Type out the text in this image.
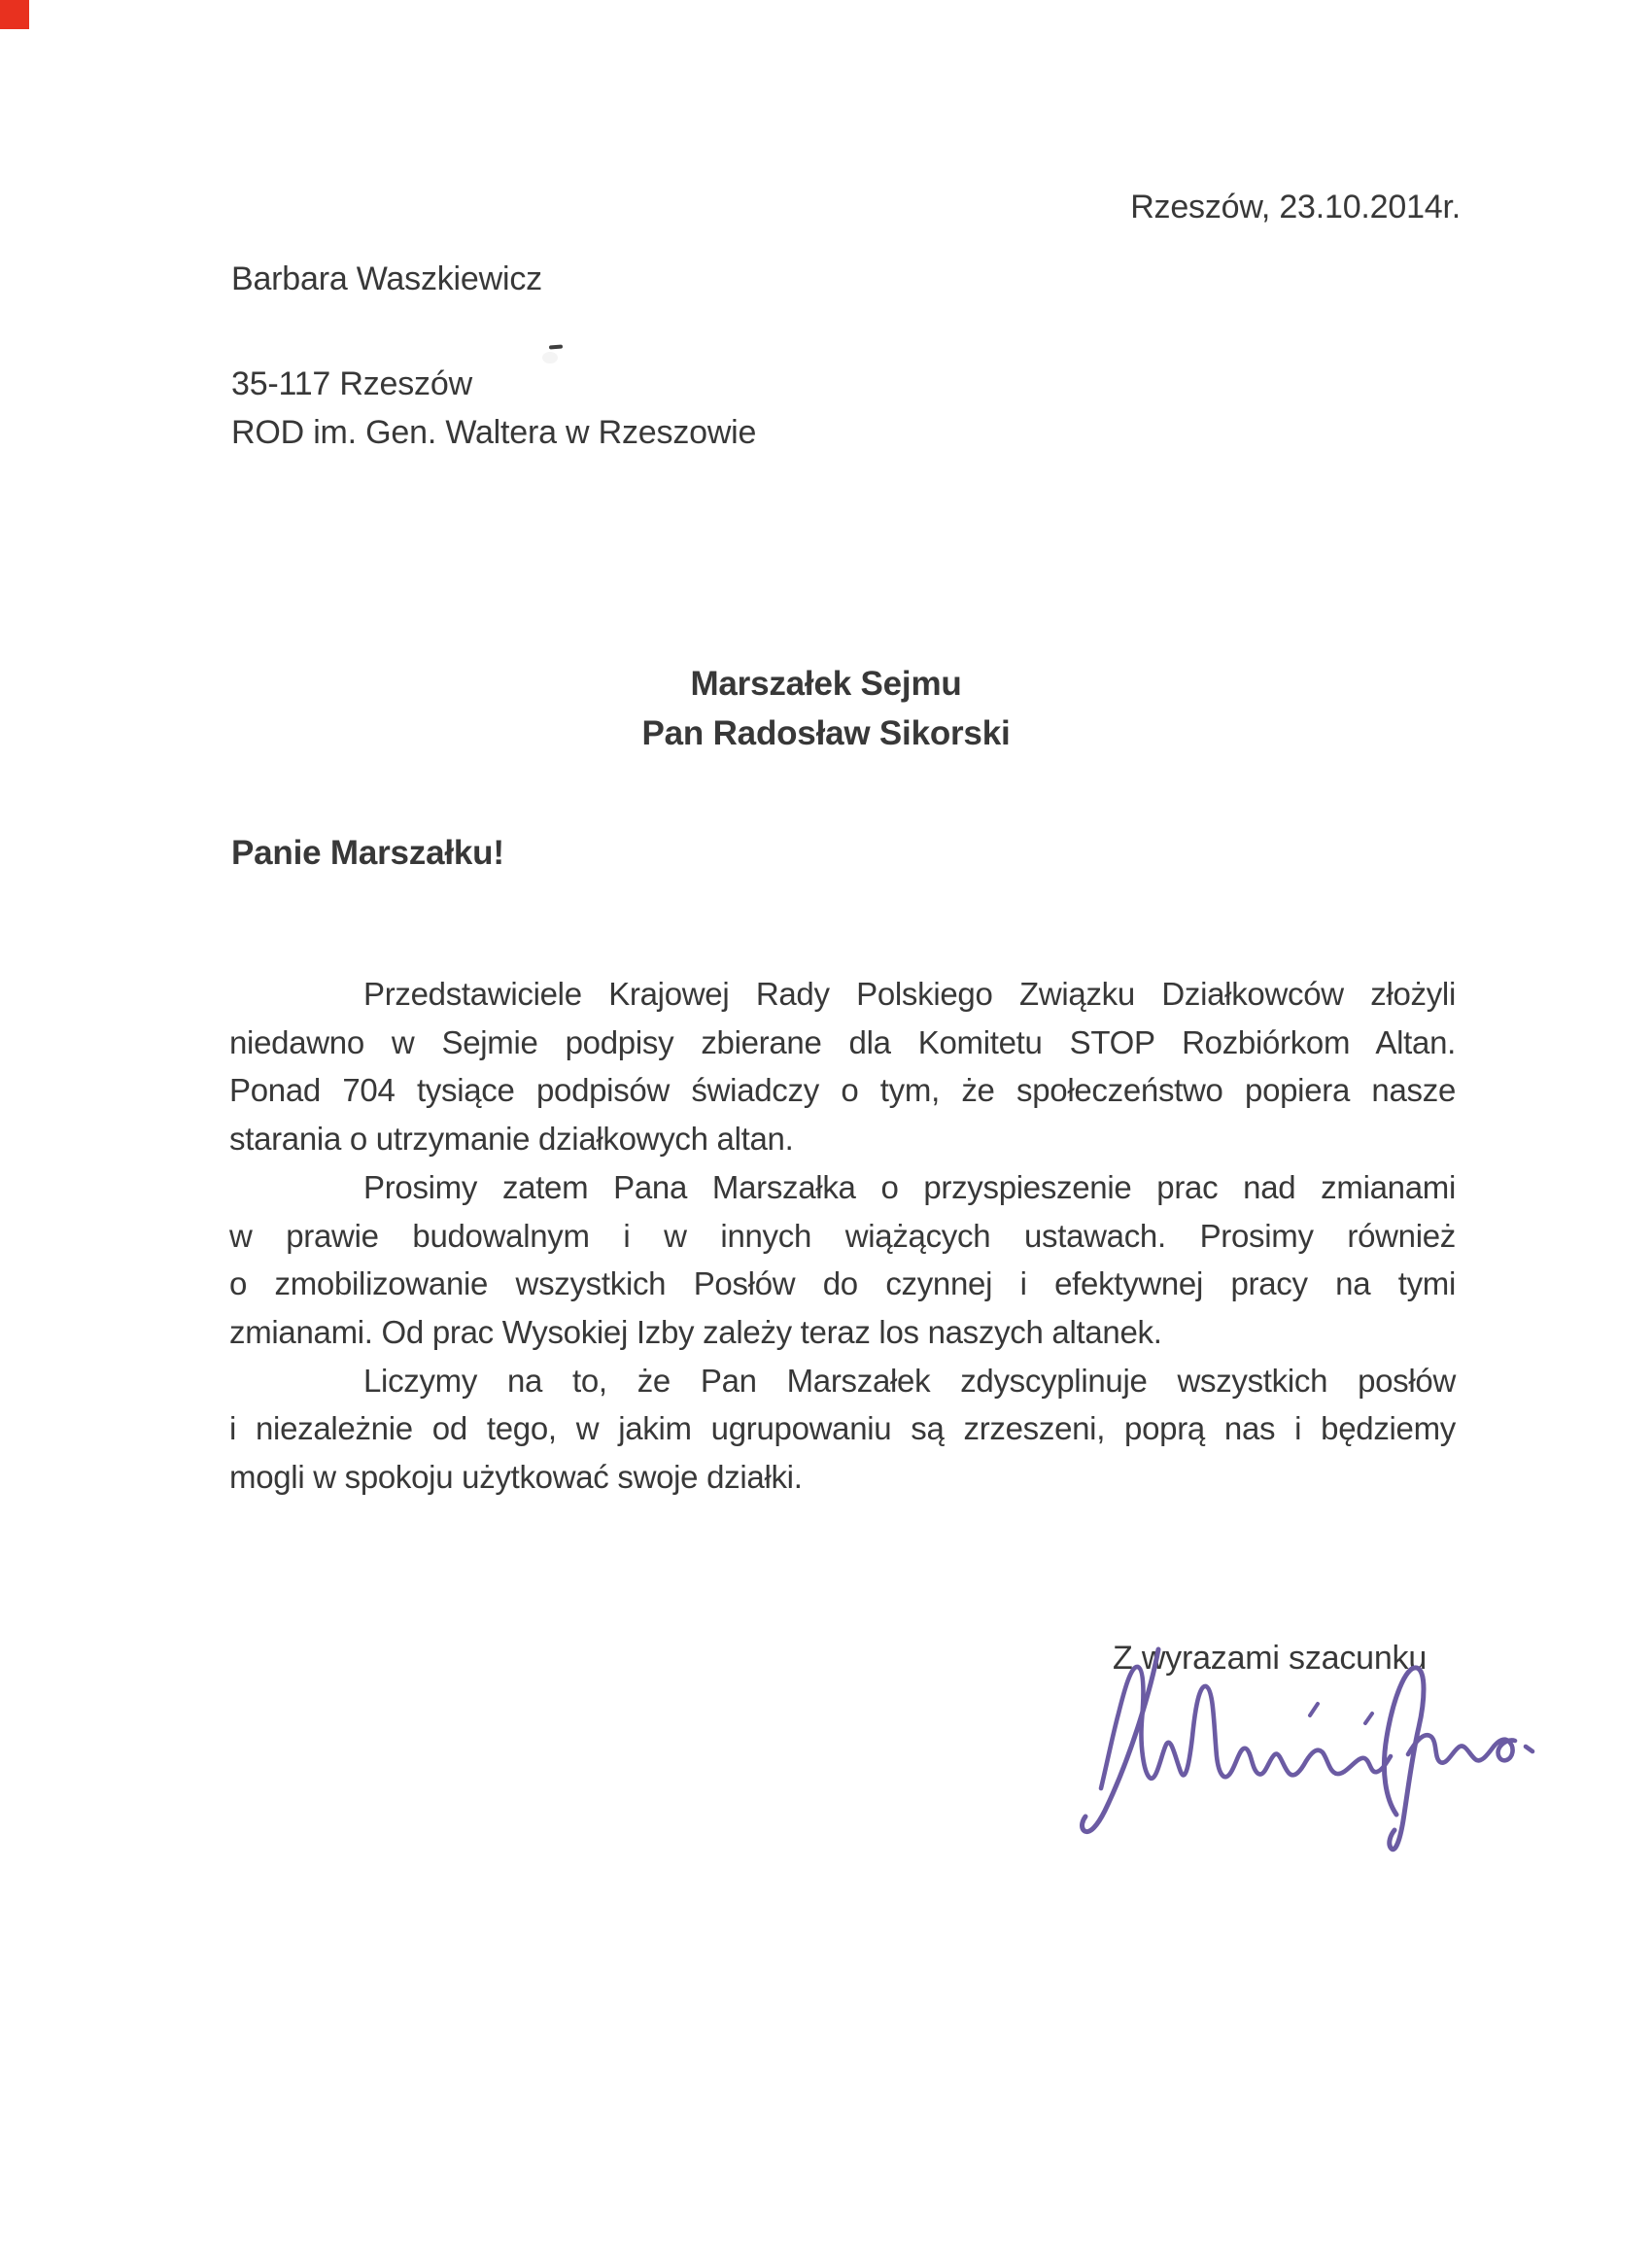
Rzeszów, 23.10.2014r.
Barbara Waszkiewicz
35-117 Rzeszów
ROD im. Gen. Waltera w Rzeszowie
Marszałek Sejmu
Pan Radosław Sikorski
Panie Marszałku!
Przedstawiciele Krajowej Rady Polskiego Związku Działkowców złożyli
niedawno w Sejmie podpisy zbierane dla Komitetu STOP Rozbiórkom Altan.
Ponad 704 tysiące podpisów świadczy o tym, że społeczeństwo popiera nasze
starania o utrzymanie działkowych altan.
Prosimy zatem Pana Marszałka o przyspieszenie prac nad zmianami
w prawie budowalnym i w innych wiążących ustawach. Prosimy również
o zmobilizowanie wszystkich Posłów do czynnej i efektywnej pracy na tymi
zmianami. Od prac Wysokiej Izby zależy teraz los naszych altanek.
Liczymy na to, że Pan Marszałek zdyscyplinuje wszystkich posłów
i niezależnie od tego, w jakim ugrupowaniu są zrzeszeni, poprą nas i będziemy
mogli w spokoju użytkować swoje działki.
Z wyrazami szacunku
